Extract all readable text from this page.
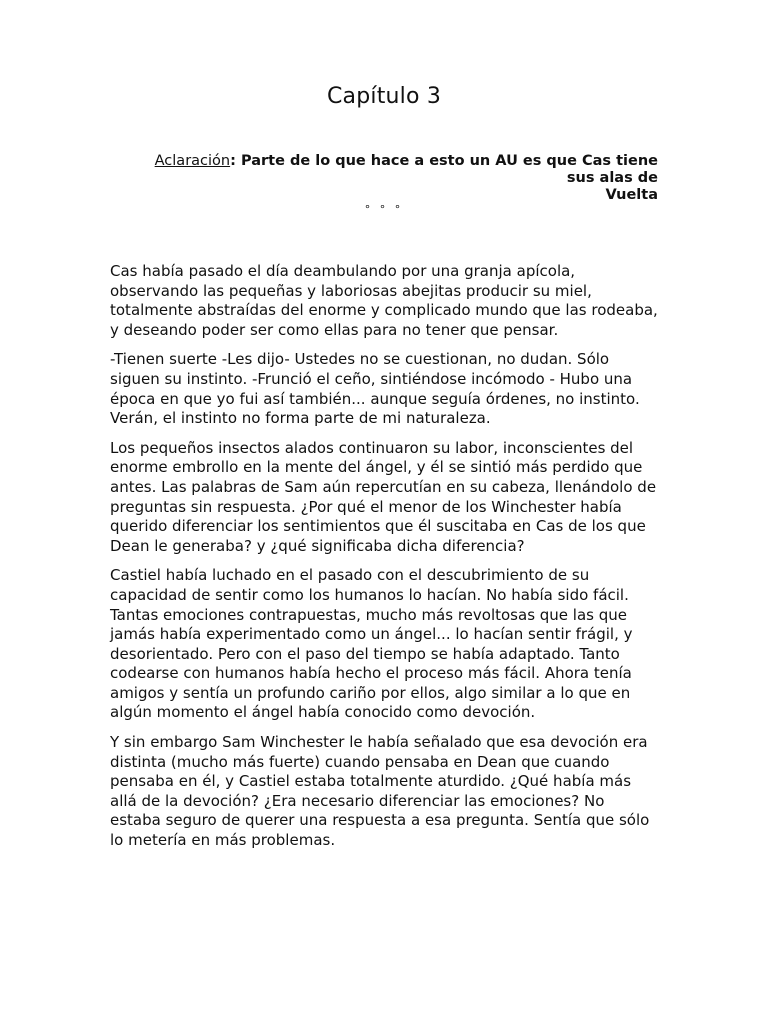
Capítulo 3

Aclaración: Parte de lo que hace a esto un AU es que Cas tiene
sus alas de
Vuelta

° ° °

Cas había pasado el día deambulando por una granja apícola, observando las pequeñas y laboriosas abejitas producir su miel, totalmente abstraídas del enorme y complicado mundo que las rodeaba, y deseando poder ser como ellas para no tener que pensar.

-Tienen suerte -Les dijo- Ustedes no se cuestionan, no dudan. Sólo siguen su instinto. -Frunció el ceño, sintiéndose incómodo - Hubo una época en que yo fui así también... aunque seguía órdenes, no instinto. Verán, el instinto no forma parte de mi naturaleza.

Los pequeños insectos alados continuaron su labor, inconscientes del enorme embrollo en la mente del ángel, y él se sintió más perdido que antes. Las palabras de Sam aún repercutían en su cabeza, llenándolo de preguntas sin respuesta. ¿Por qué el menor de los Winchester había querido diferenciar los sentimientos que él suscitaba en Cas de los que Dean le generaba? y ¿qué significaba dicha diferencia?

Castiel había luchado en el pasado con el descubrimiento de su capacidad de sentir como los humanos lo hacían. No había sido fácil. Tantas emociones contrapuestas, mucho más revoltosas que las que jamás había experimentado como un ángel... lo hacían sentir frágil, y desorientado. Pero con el paso del tiempo se había adaptado. Tanto codearse con humanos había hecho el proceso más fácil. Ahora tenía amigos y sentía un profundo cariño por ellos, algo similar a lo que en algún momento el ángel había conocido como devoción.

Y sin embargo Sam Winchester le había señalado que esa devoción era distinta (mucho más fuerte) cuando pensaba en Dean que cuando pensaba en él, y Castiel estaba totalmente aturdido. ¿Qué había más allá de la devoción? ¿Era necesario diferenciar las emociones? No estaba seguro de querer una respuesta a esa pregunta. Sentía que sólo lo metería en más problemas.
